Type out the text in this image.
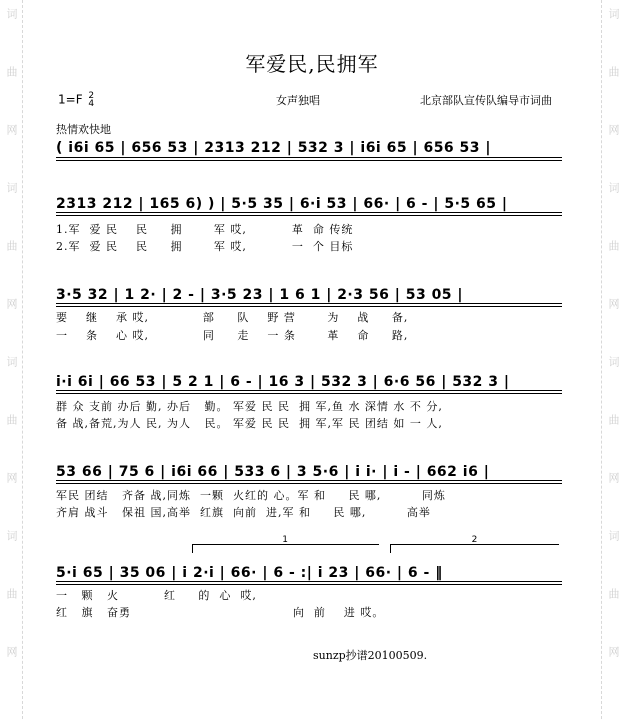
词
曲
网
词
曲
网
词
曲
网
词
曲
网
词
曲
网
词
曲
网
词
曲
网
词
曲
网
军爱民,民拥军
1=F 2
4	女声独唱	北京部队宣传队编导市词曲
热情欢快地
( i6i 65 | 656 53 | 2313 212 | 532 3 | i6i 65 | 656 53 |
2313 212 | 165 6) ) | 5·5 35 | 6·i 53 | 66· | 6 - | 5·5 65 |
1.军  爱 民    民     拥       军 哎,          革  命 传统
2.军  爱 民    民     拥       军 哎,          一  个 目标
3·5 32 | 1 2· | 2 - | 3·5 23 | 1 6 1 | 2·3 56 | 53 05 |
要    继    承 哎,            部     队    野 营       为    战     备,
一    条    心 哎,            同     走    一 条       革    命     路,
i·i 6i | 66 53 | 5 2 1 | 6 - | 16 3 | 532 3 | 6·6 56 | 532 3 |
群 众 支前 办后 勤, 办后   勤。 军爱 民 民  拥 军,鱼 水 深情 水 不 分,
备 战,备荒,为人 民, 为人   民。 军爱 民 民  拥 军,军 民 团结 如 一 人,
53 66 | 75 6 | i6i 66 | 533 6 | 3 5·6 | i i· | i - | 662 i6 |
军民 团结   齐备 战,同炼  一颗  火红的 心。军 和     民 哪,         同炼
齐肩 战斗   保祖 国,高举  红旗  向前  进,军 和     民 哪,         高举
1	2
5·i 65 | 35 06 | i 2·i | 66· | 6 - :| i 23 | 66· | 6 - ‖
一   颗   火          红     的  心  哎,
红   旗   奋勇                                    向  前    进 哎。
sunzp抄谱20100509.
